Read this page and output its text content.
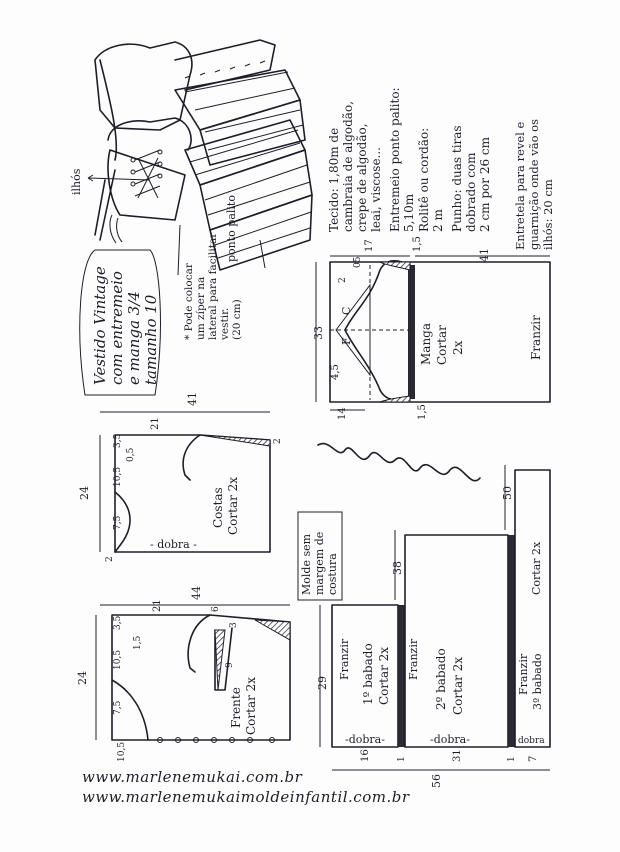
ilhós
ponto palito
* Pode colocar um zíper na lateral para facilitar vestir. (20 cm)
Vestido Vintage com entremeio e manga 3/4 tamanho 10
Tecido: 1,80m de cambraia de algodão, crepe de algodão, leai, viscose... Entremeio ponto palito: 5,10m Rolitê ou cordão: 2 m Punho: duas tiras dobrado com 2 cm por 26 cm Entretela para revel e guarnição onde vão os ilhós: 20 cm
33
41
17	1,5
14	1,5
4,5
F
C
2
05
Manga Cortar 2x	Franzir
24
41
21
3,5
0,5
10,5
7,5
2
2
Costas Cortar 2x
- dobra -
24
44
21
3,5
1,5
10,5
7,5
10,5
6
3
9
Frente Cortar 2x
Molde sem margem de costura
29
38
50
16	31	7
1	1
56
Franzir 1º babado Cortar 2x Franzir 2º babado Cortar 2x	Franzir 3º babado
Cortar 2x
-dobra-	-dobra-	dobra
www.marlenemukai.com.br
www.marlenemukaimoldeinfantil.com.br
